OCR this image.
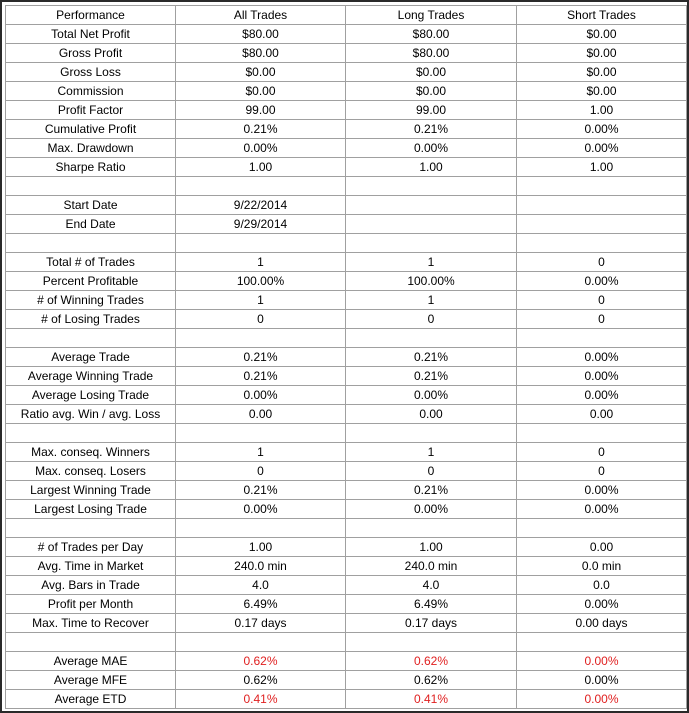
Performance	All Trades	Long Trades	Short Trades
Total Net Profit	$80.00	$80.00	$0.00
Gross Profit	$80.00	$80.00	$0.00
Gross Loss	$0.00	$0.00	$0.00
Commission	$0.00	$0.00	$0.00
Profit Factor	99.00	99.00	1.00
Cumulative Profit	0.21%	0.21%	0.00%
Max. Drawdown	0.00%	0.00%	0.00%
Sharpe Ratio	1.00	1.00	1.00

Start Date	9/22/2014		
End Date	9/29/2014		

Total # of Trades	1	1	0
Percent Profitable	100.00%	100.00%	0.00%
# of Winning Trades	1	1	0
# of Losing Trades	0	0	0

Average Trade	0.21%	0.21%	0.00%
Average Winning Trade	0.21%	0.21%	0.00%
Average Losing Trade	0.00%	0.00%	0.00%
Ratio avg. Win / avg. Loss	0.00	0.00	0.00

Max. conseq. Winners	1	1	0
Max. conseq. Losers	0	0	0
Largest Winning Trade	0.21%	0.21%	0.00%
Largest Losing Trade	0.00%	0.00%	0.00%

# of Trades per Day	1.00	1.00	0.00
Avg. Time in Market	240.0 min	240.0 min	0.0 min
Avg. Bars in Trade	4.0	4.0	0.0
Profit per Month	6.49%	6.49%	0.00%
Max. Time to Recover	0.17 days	0.17 days	0.00 days

Average MAE	0.62%	0.62%	0.00%
Average MFE	0.62%	0.62%	0.00%
Average ETD	0.41%	0.41%	0.00%
